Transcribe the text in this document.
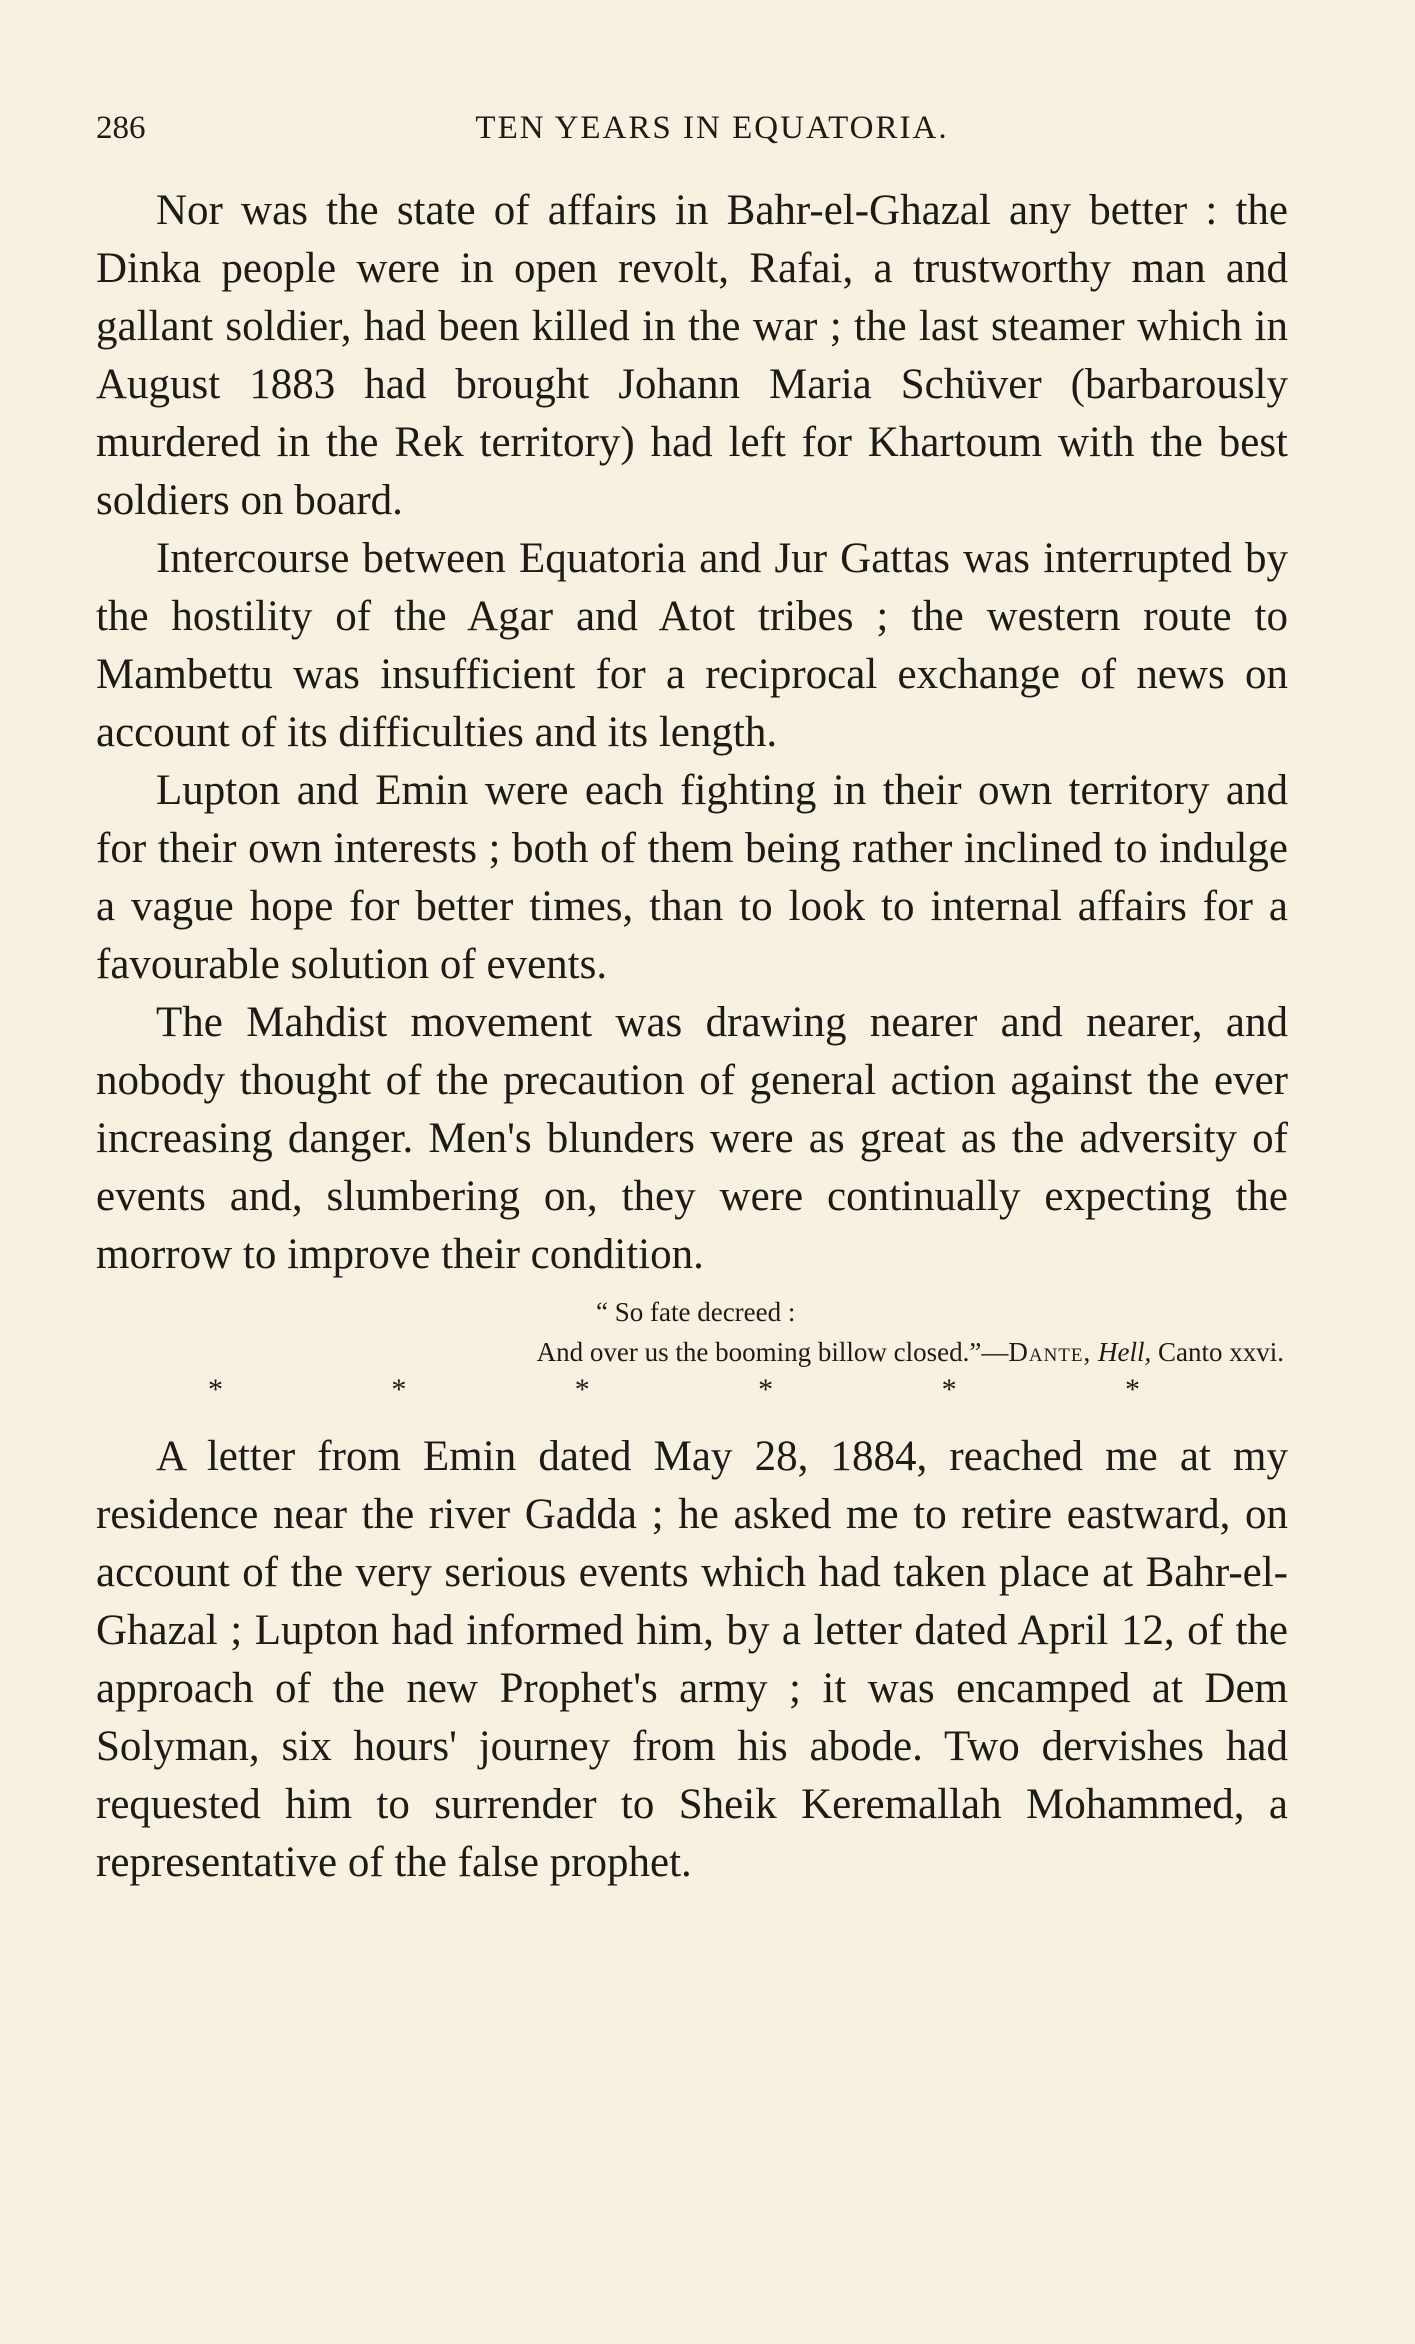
286	TEN YEARS IN EQUATORIA.

Nor was the state of affairs in Bahr-el-Ghazal any better : the Dinka people were in open revolt, Rafai, a trustworthy man and gallant soldier, had been killed in the war ; the last steamer which in August 1883 had brought Johann Maria Schüver (barbarously murdered in the Rek territory) had left for Khartoum with the best soldiers on board.

Intercourse between Equatoria and Jur Gattas was interrupted by the hostility of the Agar and Atot tribes ; the western route to Mambettu was insufficient for a reciprocal exchange of news on account of its difficulties and its length.

Lupton and Emin were each fighting in their own territory and for their own interests ; both of them being rather inclined to indulge a vague hope for better times, than to look to internal affairs for a favourable solution of events.

The Mahdist movement was drawing nearer and nearer, and nobody thought of the precaution of general action against the ever increasing danger. Men's blunders were as great as the adversity of events and, slumbering on, they were continually expecting the morrow to improve their condition.

“ So fate decreed :
And over us the booming billow closed.”—Dante, Hell, Canto xxvi.
*	*	*	*	*	*

A letter from Emin dated May 28, 1884, reached me at my residence near the river Gadda ; he asked me to retire eastward, on account of the very serious events which had taken place at Bahr-el-Ghazal ; Lupton had informed him, by a letter dated April 12, of the approach of the new Prophet's army ; it was encamped at Dem Solyman, six hours' journey from his abode. Two dervishes had requested him to surrender to Sheik Keremallah Mohammed, a representative of the false prophet.
